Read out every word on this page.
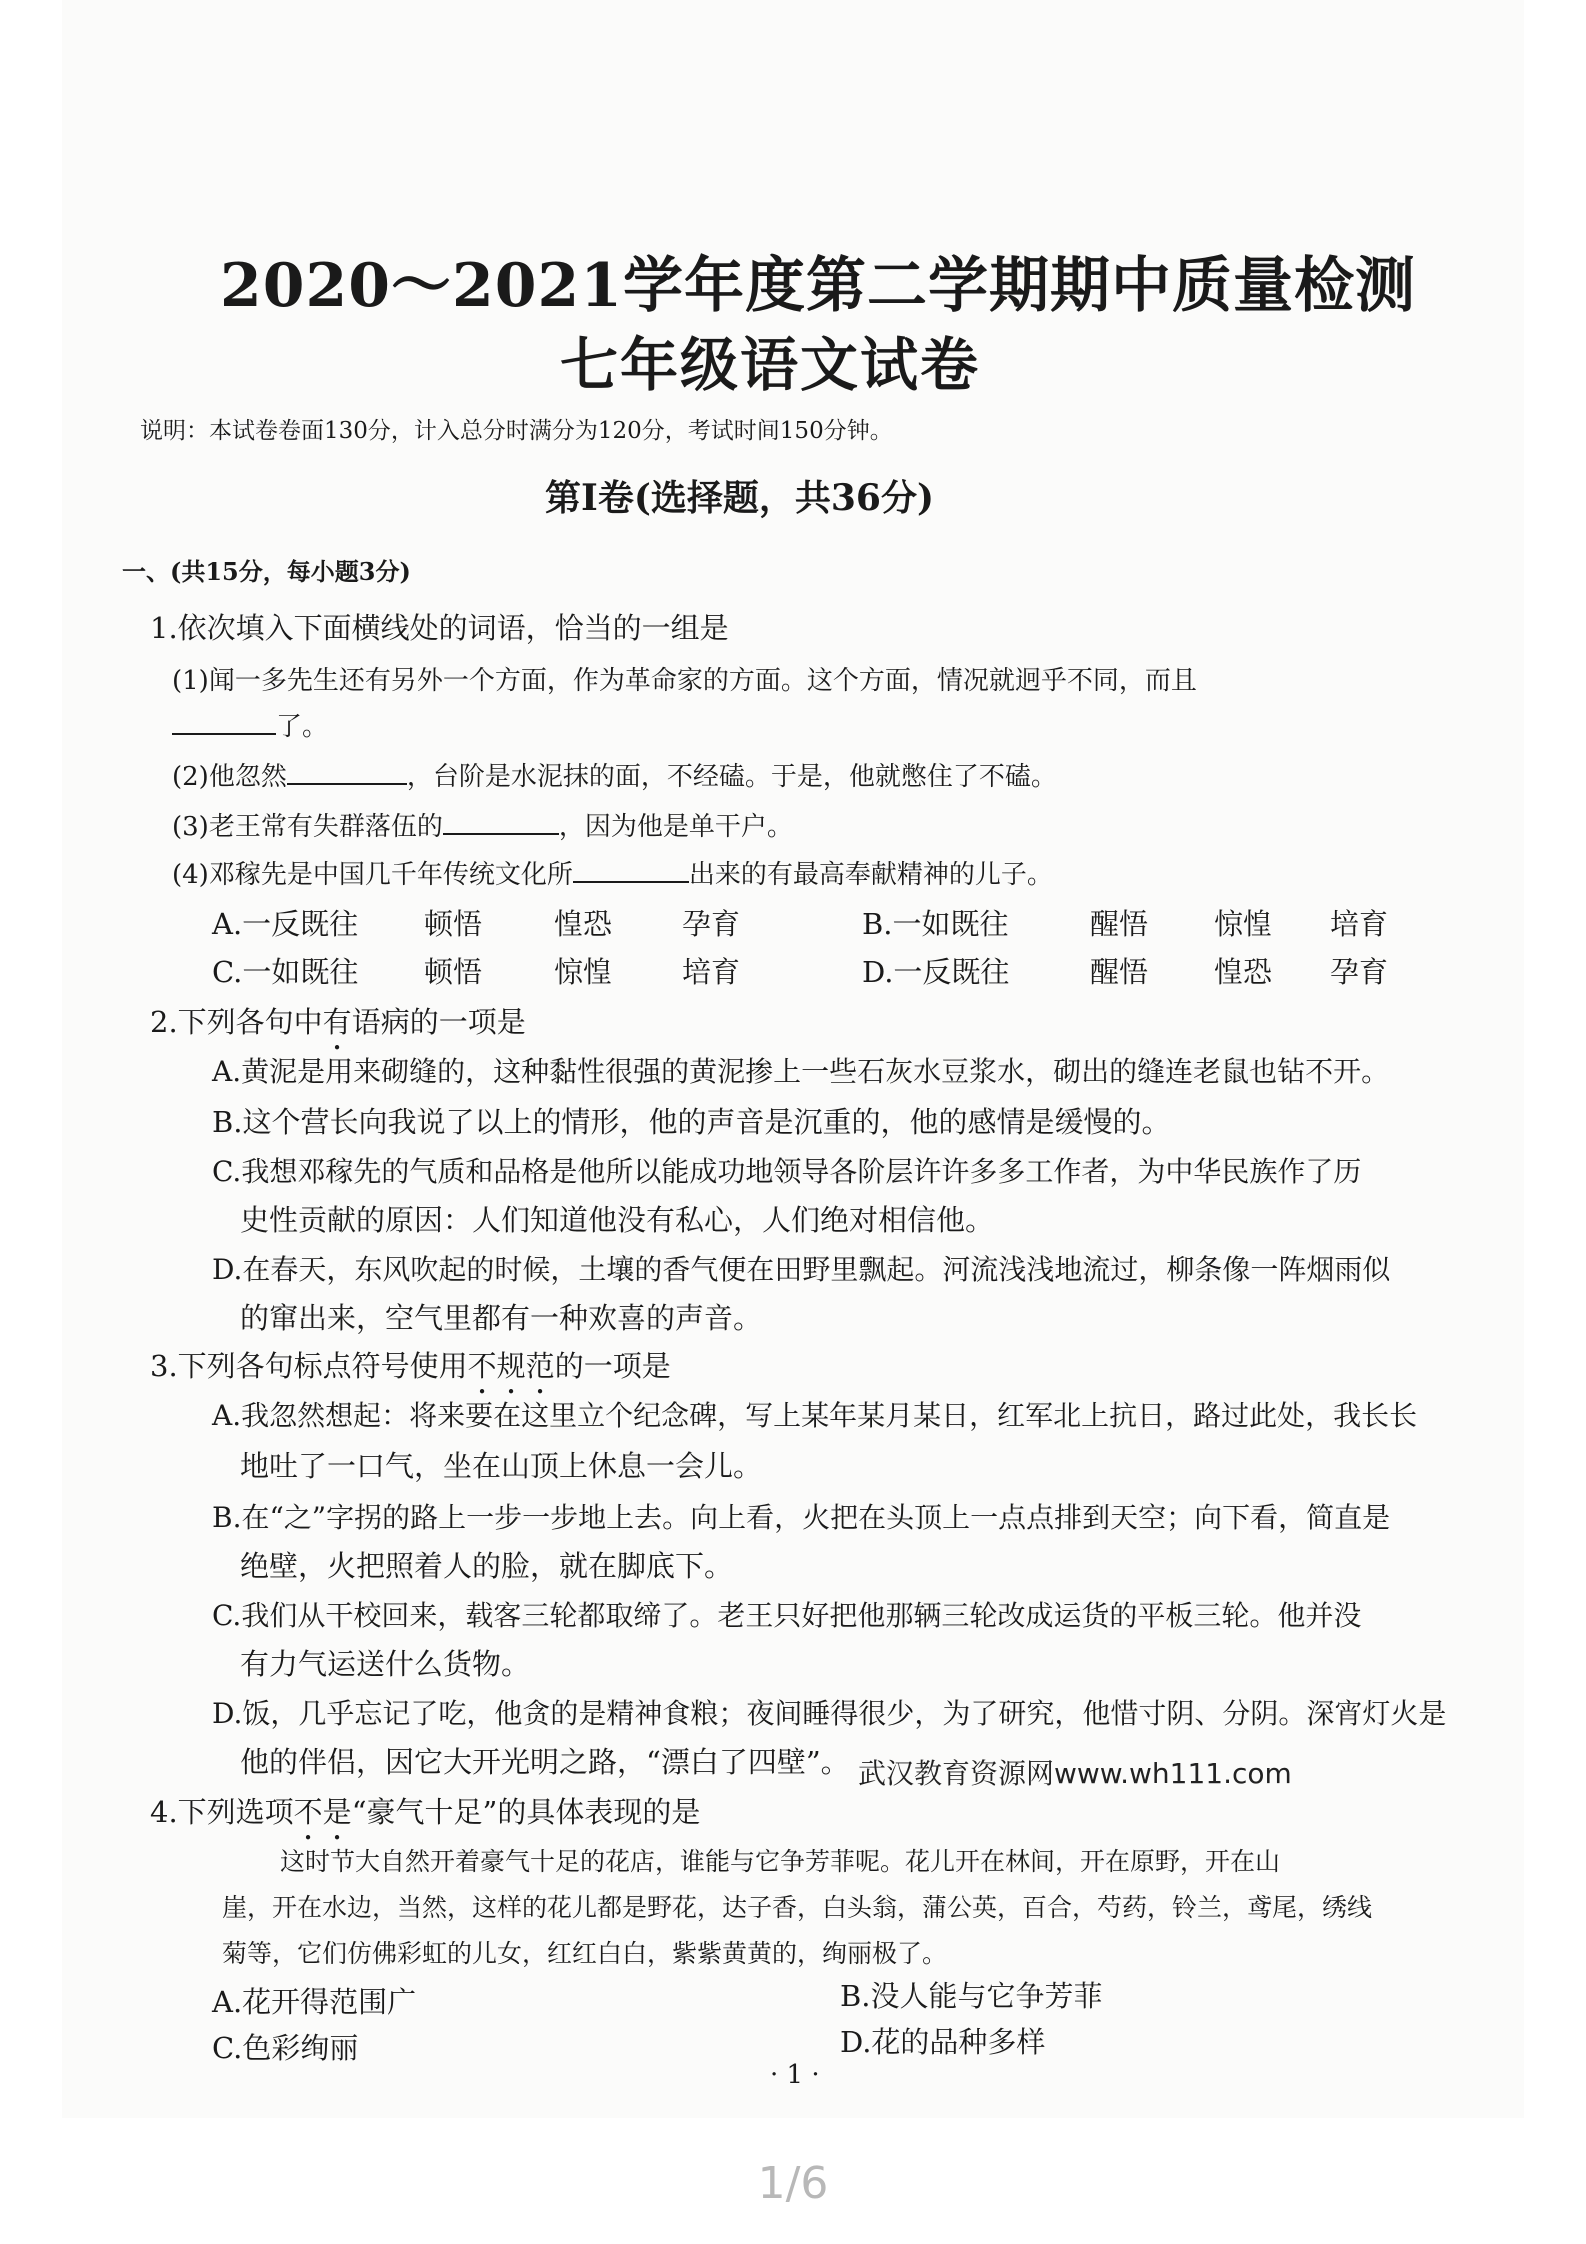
2020～2021学年度第二学期期中质量检测
七年级语文试卷
说明：本试卷卷面130分，计入总分时满分为120分，考试时间150分钟。
第Ⅰ卷(选择题，共36分)
一、(共15分，每小题3分)
1.依次填入下面横线处的词语，恰当的一组是
(1)闻一多先生还有另外一个方面，作为革命家的方面。这个方面，情况就迥乎不同，而且
了。
(2)他忽然	，台阶是水泥抹的面，不经磕。于是，他就憋住了不磕。
(3)老王常有失群落伍的	，因为他是单干户。
(4)邓稼先是中国几千年传统文化所	出来的有最高奉献精神的儿子。
A.一反既往 顿悟 惶恐 孕育	B.一如既往	醒悟 惊惶 培育
C.一如既往 顿悟 惊惶 培育	D.一反既往	醒悟 惶恐 孕育
2.下列各句中有语病的一项是
A.黄泥是用来砌缝的，这种黏性很强的黄泥掺上一些石灰水豆浆水，砌出的缝连老鼠也钻不开。
B.这个营长向我说了以上的情形，他的声音是沉重的，他的感情是缓慢的。
C.我想邓稼先的气质和品格是他所以能成功地领导各阶层许许多多工作者，为中华民族作了历
史性贡献的原因：人们知道他没有私心，人们绝对相信他。
D.在春天，东风吹起的时候，土壤的香气便在田野里飘起。河流浅浅地流过，柳条像一阵烟雨似
的窜出来，空气里都有一种欢喜的声音。
3.下列各句标点符号使用不规范的一项是
A.我忽然想起：将来要在这里立个纪念碑，写上某年某月某日，红军北上抗日，路过此处，我长长
地吐了一口气，坐在山顶上休息一会儿。
B.在“之”字拐的路上一步一步地上去。向上看，火把在头顶上一点点排到天空；向下看，简直是
绝壁，火把照着人的脸，就在脚底下。
C.我们从干校回来，载客三轮都取缔了。老王只好把他那辆三轮改成运货的平板三轮。他并没
有力气运送什么货物。
D.饭，几乎忘记了吃，他贪的是精神食粮；夜间睡得很少，为了研究，他惜寸阴、分阴。深宵灯火是
他的伴侣，因它大开光明之路，“漂白了四壁”。 武汉教育资源网www.wh111.com
4.下列选项不是“豪气十足”的具体表现的是
这时节大自然开着豪气十足的花店，谁能与它争芳菲呢。花儿开在林间，开在原野，开在山
崖，开在水边，当然，这样的花儿都是野花，达子香，白头翁，蒲公英，百合，芍药，铃兰，鸢尾，绣线
菊等，它们仿佛彩虹的儿女，红红白白，紫紫黄黄的，绚丽极了。
A.花开得范围广	B.没人能与它争芳菲
C.色彩绚丽	D.花的品种多样
· 1 ·
1/6
